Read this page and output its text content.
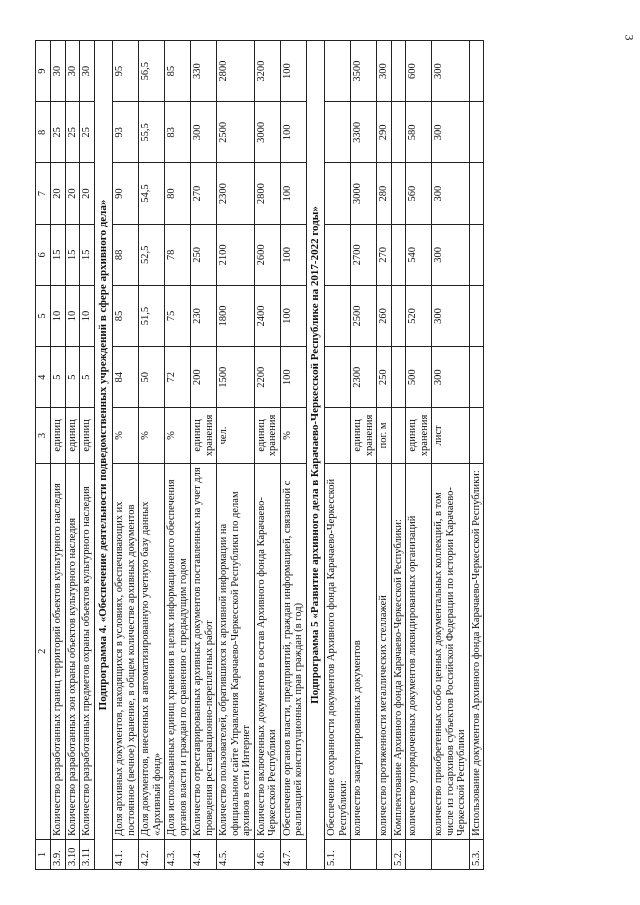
3
1	2	3	4	5	6	7	8	9
3.9.	Количество разработанных границ территорий объектов культурного наследия	единиц	5	10	15	20	25	30
3.10	Количество разработанных зон охраны объектов культурного наследия	единиц	5	10	15	20	25	30
3.11	Количество разработанных предметов охраны объектов культурного наследия	единиц	5	10	15	20	25	30
Подпрограмма 4. «Обеспечение деятельности подведомственных учреждений в сфере архивного дела»								
4.1.	Доля архивных документов, находящихся в условиях, обеспечивающих их постоянное (вечное) хранение, в общем количестве архивных документов	%	84	85	88	90	93	95
4.2.	Доля документов, внесенных в автоматизированную учетную базу данных «Архивный фонд»	%	50	51,5	52,5	54,5	55,5	56,5
4.3.	Доля использованных единиц хранения в целях информационного обеспечения органов власти и граждан по сравнению с предыдущим годом	%	72	75	78	80	83	85
4.4.	Количество отреставрированных архивных документов поставленных на учет для проведения реставрационно-переплетных работ	единиц хранения	200	230	250	270	300	330
4.5.	Количество пользователей, обратившихся к архивной информации на официальном сайте Управления Карачаево-Черкесской Республики по делам архивов в сети Интернет	чел.	1500	1800	2100	2300	2500	2800
4.6.	Количество включенных документов в состав Архивного фонда Карачаево-Черкесской Республики	единиц хранения	2200	2400	2600	2800	3000	3200
4.7.	Обеспечение органов власти, предприятий, граждан информацией, связанной с реализацией конституционных прав граждан (в год)	%	100	100	100	100	100	100
Подпрограмма 5 «Развитие архивного дела в Карачаево-Черкесской Республике на 2017-2022 годы»								
5.1.	Обеспечение сохранности документов Архивного фонда Карачаево-Черкесской Республики:							
	количество закартонированных документов	единиц хранения	2300	2500	2700	3000	3300	3500
	количество протяженности металлических стеллажей	пог. м	250	260	270	280	290	300
5.2.	Комплектование Архивного фонда Карачаево-Черкесской Республики:							
	количество упорядоченных документов ликвидированных организаций	единиц хранения	500	520	540	560	580	600
	количество приобретенных особо ценных документальных коллекций, в том числе из госархивов субъектов Российской Федерации по истории Карачаево-Черкесской Республики	лист	300	300	300	300	300	300
5.3.	Использование документов Архивного фонда Карачаево-Черкесской Республики:							
